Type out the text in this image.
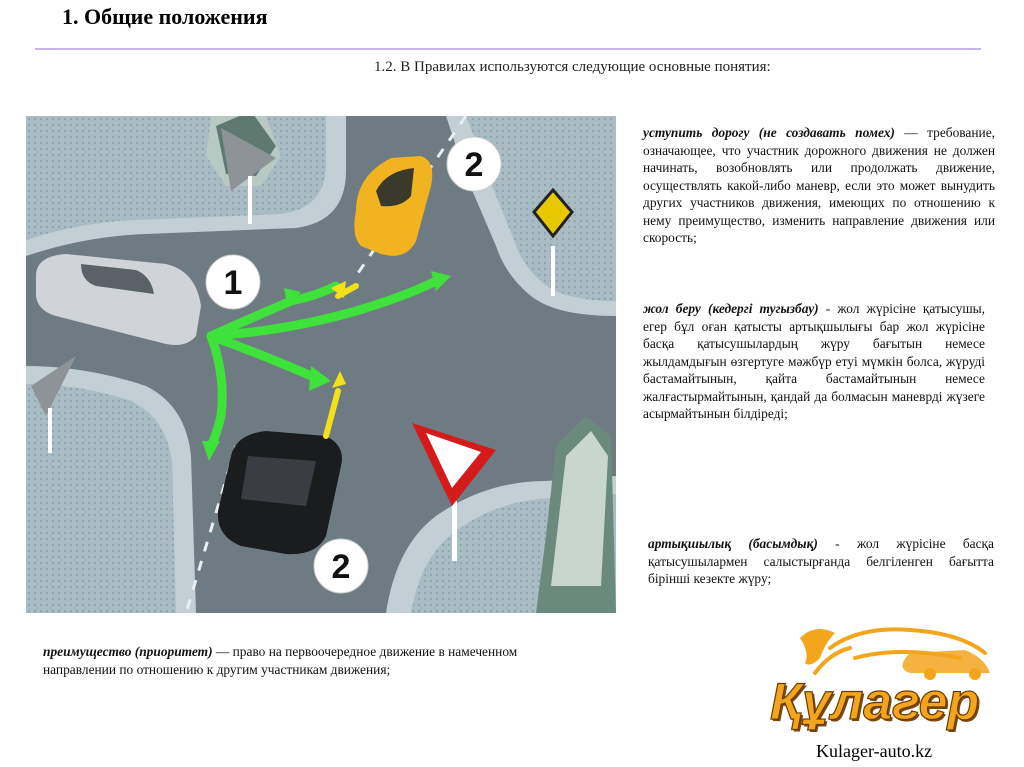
1. Общие положения
1.2. В Правилах используются следующие основные понятия:
2
1
2

уступить дорогу (не создавать помех) — требование, означающее, что участник дорожного движения не должен начинать, возобновлять или продолжать движение, осуществлять какой-либо маневр, если это может вынудить других участников движения, имеющих по отношению к нему преимущество, изменить направление движения или скорость;

жол беру (кедергі тугызбау) - жол жүрісіне қатысушы, егер бұл оған қатысты артықшылығы бар жол жүрісіне басқа қатысушылардың жүру бағытын немесе жылдамдығын өзгертуге мәжбүр етуі мүмкін болса, жүруді бастамайтынын, қайта бастамайтынын немесе жалғастырмайтынын, қандай да болмасын маневрді жүзеге асырмайтынын білдіреді;

артықшылық (басымдық) - жол жүрісіне басқа қатысушылармен салыстырғанда белгіленген бағытта бірінші кезекте жүру;

преимущество (приоритет) — право на первоочередное движение в намеченном направлении по отношению к другим участникам движения;

Құлагер
Kulager-auto.kz
